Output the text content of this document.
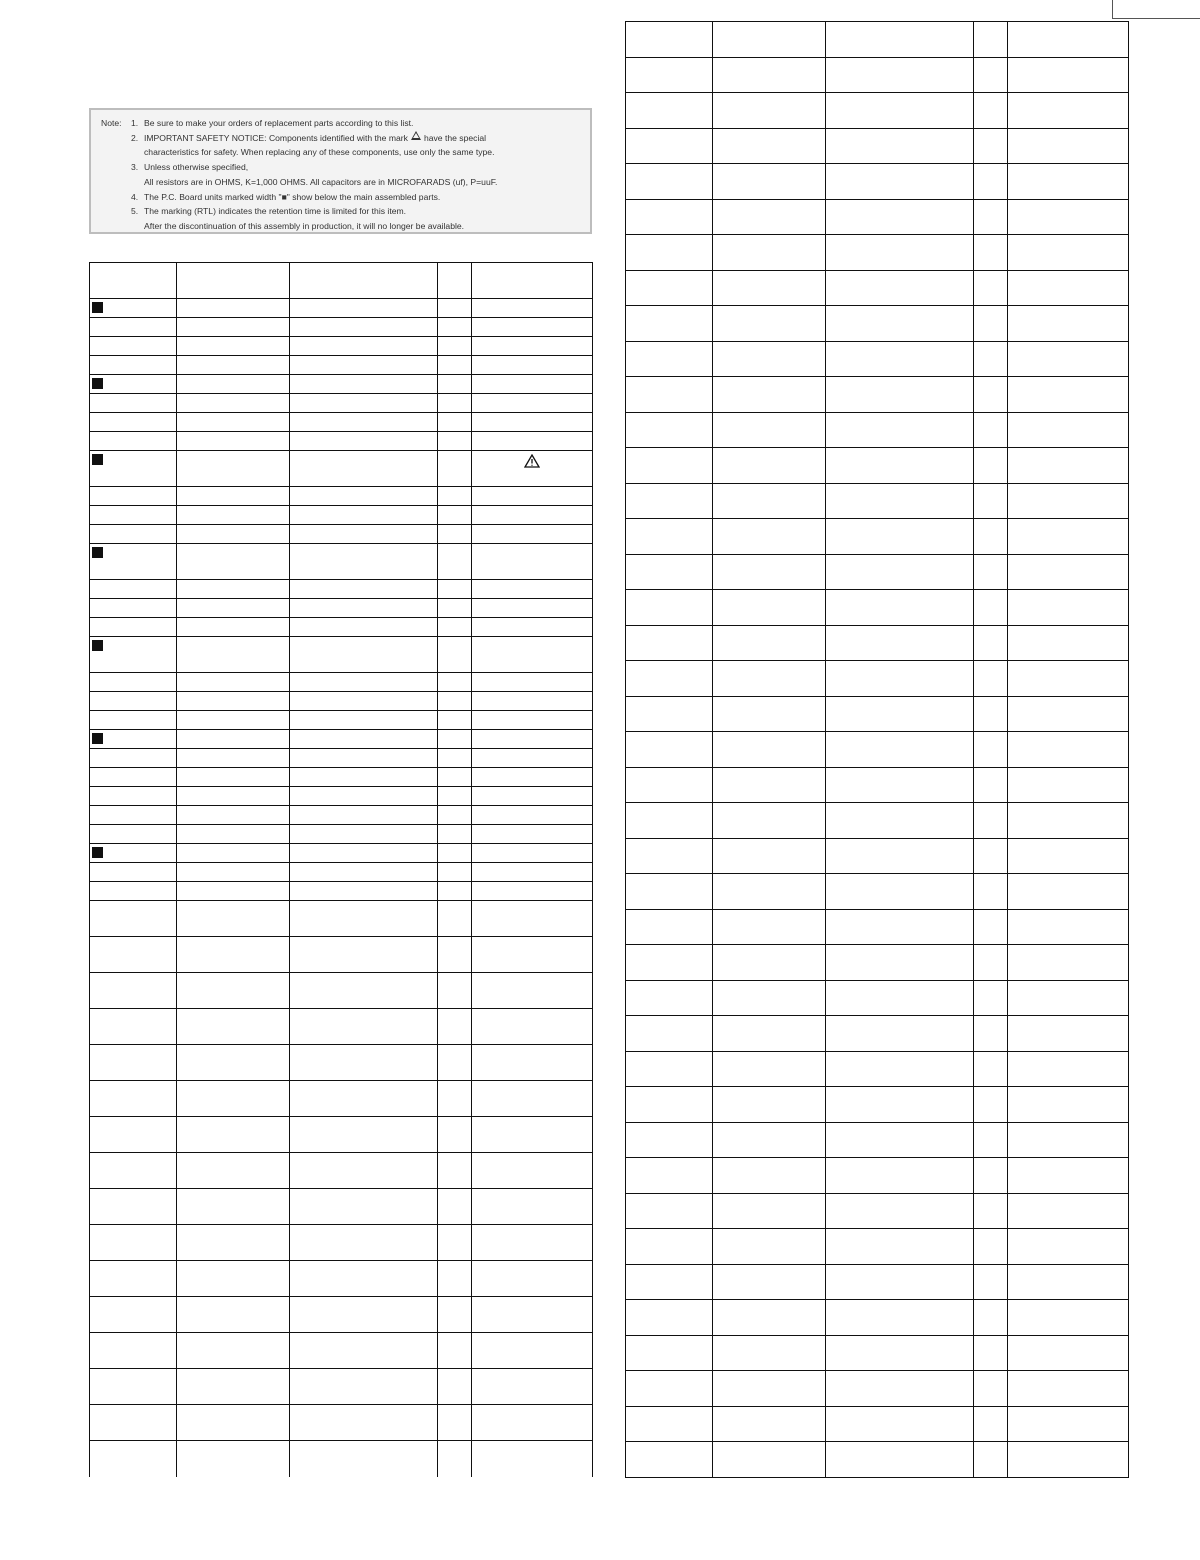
Note:	1. Be sure to make your orders of replacement parts according to this list.
2. IMPORTANT SAFETY NOTICE: Components identified with the mark have the special
characteristics for safety. When replacing any of these components, use only the same type.
3. Unless otherwise specified,
All resistors are in OHMS, K=1,000 OHMS. All capacitors are in MICROFARADS (uf), P=uuF.
4. The P.C. Board units marked width "■" show below the main assembled parts.
5. The marking (RTL) indicates the retention time is limited for this item.
After the discontinuation of this assembly in production, it will no longer be available.
